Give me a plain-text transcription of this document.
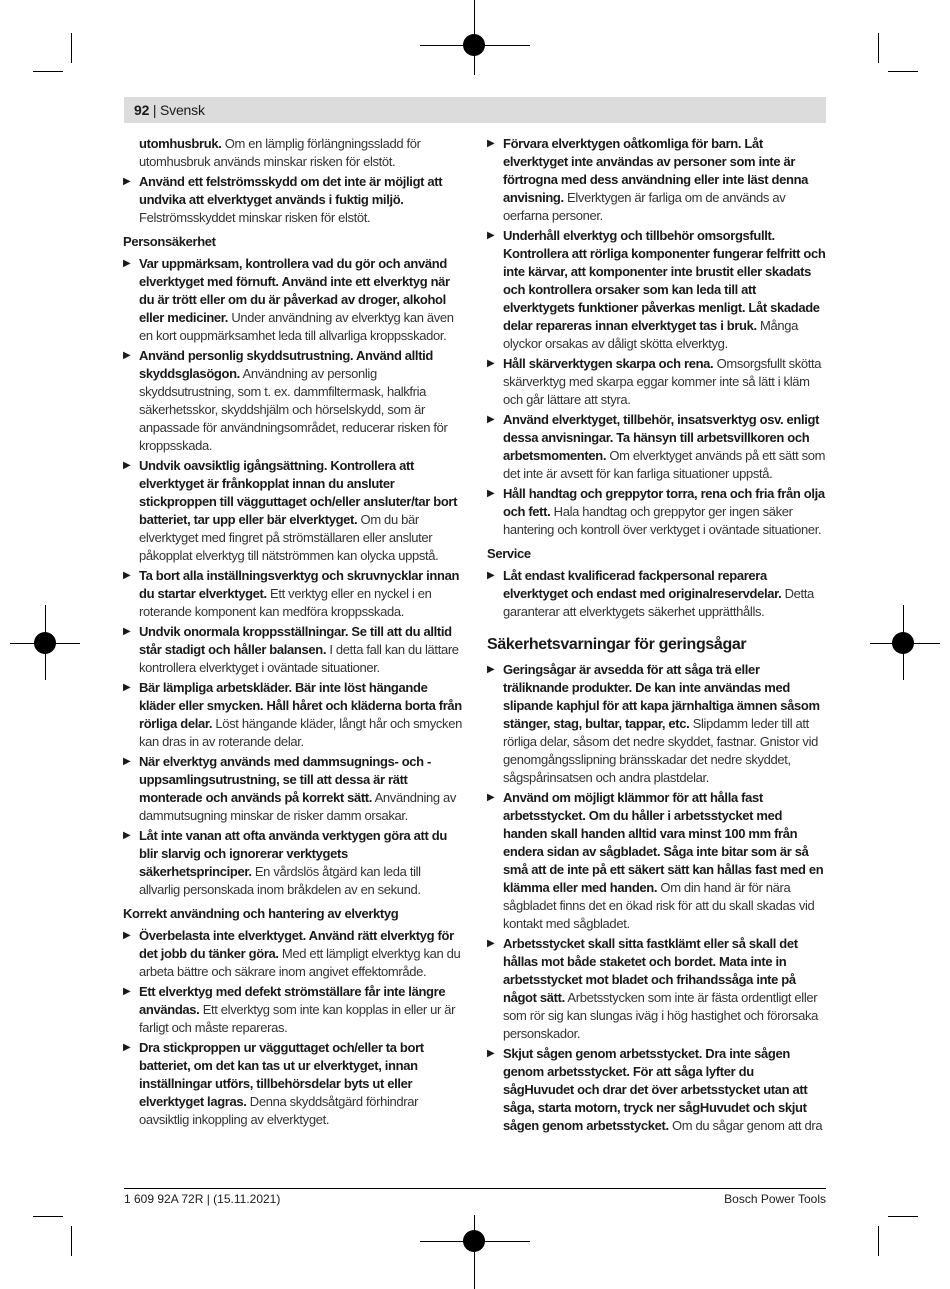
92 | Svensk
utomhusbruk. Om en lämplig förlängningssladd för utomhusbruk används minskar risken för elstöt.
▶ Använd ett felströmsskydd om det inte är möjligt att undvika att elverktyget används i fuktig miljö. Felströmsskyddet minskar risken för elstöt.
Personsäkerhet
▶ Var uppmärksam, kontrollera vad du gör och använd elverktyget med förnuft. Använd inte ett elverktyg när du är trött eller om du är påverkad av droger, alkohol eller mediciner. Under användning av elverktyg kan även en kort ouppmärksamhet leda till allvarliga kroppsskador.
▶ Använd personlig skyddsutrustning. Använd alltid skyddsglasögon. Användning av personlig skyddsutrustning, som t. ex. dammfiltermask, halkfria säkerhetsskor, skyddshjälm och hörselskydd, som är anpassade för användningsområdet, reducerar risken för kroppsskada.
▶ Undvik oavsiktlig igångsättning. Kontrollera att elverktyget är frånkopplat innan du ansluter stickproppen till vägguttaget och/eller ansluter/tar bort batteriet, tar upp eller bär elverktyget. Om du bär elverktyget med fingret på strömställaren eller ansluter påkopplat elverktyg till nätströmmen kan olycka uppstå.
▶ Ta bort alla inställningsverktyg och skruvnycklar innan du startar elverktyget. Ett verktyg eller en nyckel i en roterande komponent kan medföra kroppsskada.
▶ Undvik onormala kroppsställningar. Se till att du alltid står stadigt och håller balansen. I detta fall kan du lättare kontrollera elverktyget i oväntade situationer.
▶ Bär lämpliga arbetskläder. Bär inte löst hängande kläder eller smycken. Håll håret och kläderna borta från rörliga delar. Löst hängande kläder, långt hår och smycken kan dras in av roterande delar.
▶ När elverktyg används med dammsugnings- och -uppsamlingsutrustning, se till att dessa är rätt monterade och används på korrekt sätt. Användning av dammutsugning minskar de risker damm orsakar.
▶ Låt inte vanan att ofta använda verktygen göra att du blir slarvig och ignorerar verktygets säkerhetsprinciper. En vårdslös åtgärd kan leda till allvarlig personskada inom bråkdelen av en sekund.
Korrekt användning och hantering av elverktyg
▶ Överbelasta inte elverktyget. Använd rätt elverktyg för det jobb du tänker göra. Med ett lämpligt elverktyg kan du arbeta bättre och säkrare inom angivet effektområde.
▶ Ett elverktyg med defekt strömställare får inte längre användas. Ett elverktyg som inte kan kopplas in eller ur är farligt och måste repareras.
▶ Dra stickproppen ur vägguttaget och/eller ta bort batteriet, om det kan tas ut ur elverktyget, innan inställningar utförs, tillbehörsdelar byts ut eller elverktyget lagras. Denna skyddsåtgärd förhindrar oavsiktlig inkoppling av elverktyget.
▶ Förvara elverktygen oåtkomliga för barn. Låt elverktyget inte användas av personer som inte är förtrogna med dess användning eller inte läst denna anvisning. Elverktygen är farliga om de används av oerfarna personer.
▶ Underhåll elverktyg och tillbehör omsorgsfullt. Kontrollera att rörliga komponenter fungerar felfritt och inte kärvar, att komponenter inte brustit eller skadats och kontrollera orsaker som kan leda till att elverktygets funktioner påverkas menligt. Låt skadade delar repareras innan elverktyget tas i bruk. Många olyckor orsakas av dåligt skötta elverktyg.
▶ Håll skärverktygen skarpa och rena. Omsorgsfullt skötta skärverktyg med skarpa eggar kommer inte så lätt i kläm och går lättare att styra.
▶ Använd elverktyget, tillbehör, insatsverktyg osv. enligt dessa anvisningar. Ta hänsyn till arbetsvillkoren och arbetsmomenten. Om elverktyget används på ett sätt som det inte är avsett för kan farliga situationer uppstå.
▶ Håll handtag och greppytor torra, rena och fria från olja och fett. Hala handtag och greppytor ger ingen säker hantering och kontroll över verktyget i oväntade situationer.
Service
▶ Låt endast kvalificerad fackpersonal reparera elverktyget och endast med originalreservdelar. Detta garanterar att elverktygets säkerhet upprätthålls.
Säkerhetsvarningar för geringsågar
▶ Geringsågar är avsedda för att såga trä eller träliknande produkter. De kan inte användas med slipande kaphjul för att kapa järnhaltiga ämnen såsom stänger, stag, bultar, tappar, etc. Slipdamm leder till att rörliga delar, såsom det nedre skyddet, fastnar. Gnistor vid genomgångsslipning bränsskadar det nedre skyddet, sågspårinsatsen och andra plastdelar.
▶ Använd om möjligt klämmor för att hålla fast arbetsstycket. Om du håller i arbetsstycket med handen skall handen alltid vara minst 100 mm från endera sidan av sågbladet. Såga inte bitar som är så små att de inte på ett säkert sätt kan hållas fast med en klämma eller med handen. Om din hand är för nära sågbladet finns det en ökad risk för att du skall skadas vid kontakt med sågbladet.
▶ Arbetsstycket skall sitta fastklämt eller så skall det hållas mot både staketet och bordet. Mata inte in arbetsstycket mot bladet och frihandssåga inte på något sätt. Arbetsstycken som inte är fästa ordentligt eller som rör sig kan slungas iväg i hög hastighet och förorsaka personskador.
▶ Skjut sågen genom arbetsstycket. Dra inte sågen genom arbetsstycket. För att såga lyfter du sågHuvudet och drar det över arbetsstycket utan att såga, starta motorn, tryck ner sågHuvudet och skjut sågen genom arbetsstycket. Om du sågar genom att dra
1 609 92A 72R | (15.11.2021)	Bosch Power Tools
